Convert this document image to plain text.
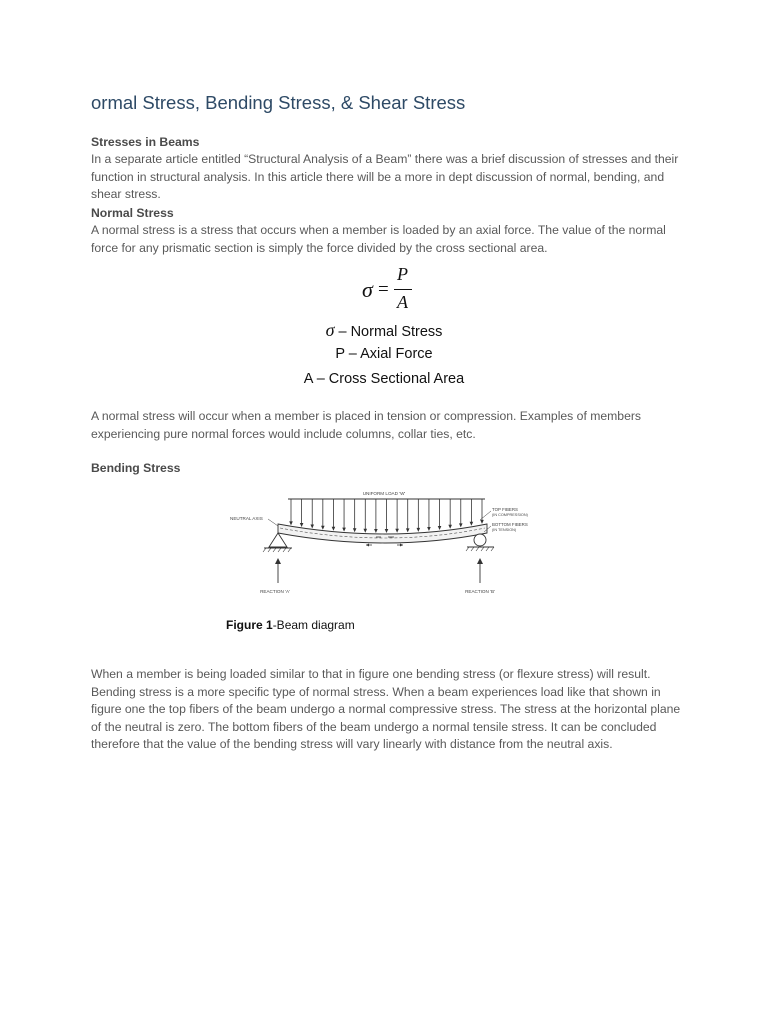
ormal Stress, Bending Stress, & Shear Stress
Stresses in Beams

In a separate article entitled “Structural Analysis of a Beam” there was a brief discussion of stresses and their function in structural analysis. In this article there will be a more in dept discussion of normal, bending, and shear stress.

Normal Stress

A normal stress is a stress that occurs when a member is loaded by an axial force. The value of the normal force for any prismatic section is simply the force divided by the cross sectional area.

σ =
P
A
σ – Normal Stress
P – Axial Force
A – Cross Sectional Area

A normal stress will occur when a member is placed in tension or compression. Examples of members experiencing pure normal forces would include columns, collar ties, etc.

Bending Stress
UNIFORM LOAD 'W'
REACTION 'A'	REACTION 'B'
NEUTRAL AXIS
TOP FIBERS
(IN COMPRESSION)
BOTTOM FIBERS
(IN TENSION)
Figure 1-Beam diagram

When a member is being loaded similar to that in figure one bending stress (or flexure stress) will result. Bending stress is a more specific type of normal stress. When a beam experiences load like that shown in figure one the top fibers of the beam undergo a normal compressive stress. The stress at the horizontal plane of the neutral is zero. The bottom fibers of the beam undergo a normal tensile stress. It can be concluded therefore that the value of the bending stress will vary linearly with distance from the neutral axis.
